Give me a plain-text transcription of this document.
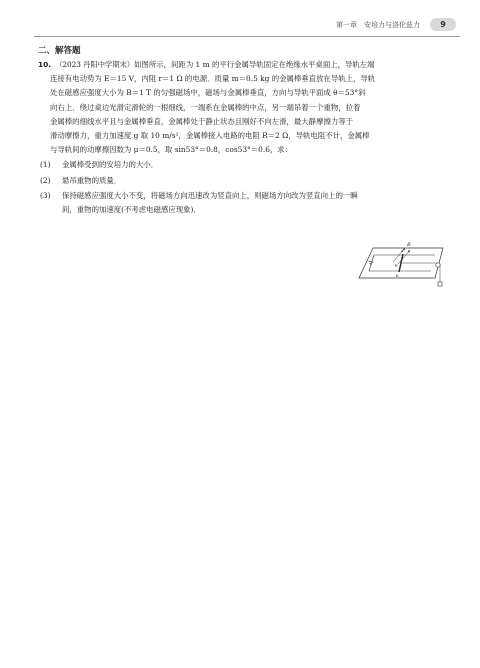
第一章　安培力与洛伦兹力	9
二、解答题
10. （2023 丹阳中学期末）如图所示，间距为 1 m 的平行金属导轨固定在绝缘水平桌面上，导轨左端
连接有电动势为 E＝15 V，内阻 r＝1 Ω 的电源．质量 m＝0.5 kg 的金属棒垂直放在导轨上，导轨
处在磁感应强度大小为 B＝1 T 的匀强磁场中，磁场与金属棒垂直，方向与导轨平面成 θ＝53°斜
向右上．绕过桌边光滑定滑轮的一根细线，一端系在金属棒的中点，另一端吊着一个重物，拉着
金属棒的细线水平且与金属棒垂直，金属棒处于静止状态且刚好不向左滑，最大静摩擦力等于
滑动摩擦力，重力加速度 g 取 10 m/s²，金属棒接入电路的电阻 R＝2 Ω，导轨电阻不计，金属棒
与导轨间的动摩擦因数为 μ＝0.5，取 sin53°＝0.8，cos53°＝0.6，求：
(1) 金属棒受到的安培力的大小．
(2) 悬吊重物的质量．
(3) 保持磁感应强度大小不变，将磁场方向迅速改为竖直向上，则磁场方向改为竖直向上的一瞬
间，重物的加速度(不考虑电磁感应现象)．
B
θ
a
b
